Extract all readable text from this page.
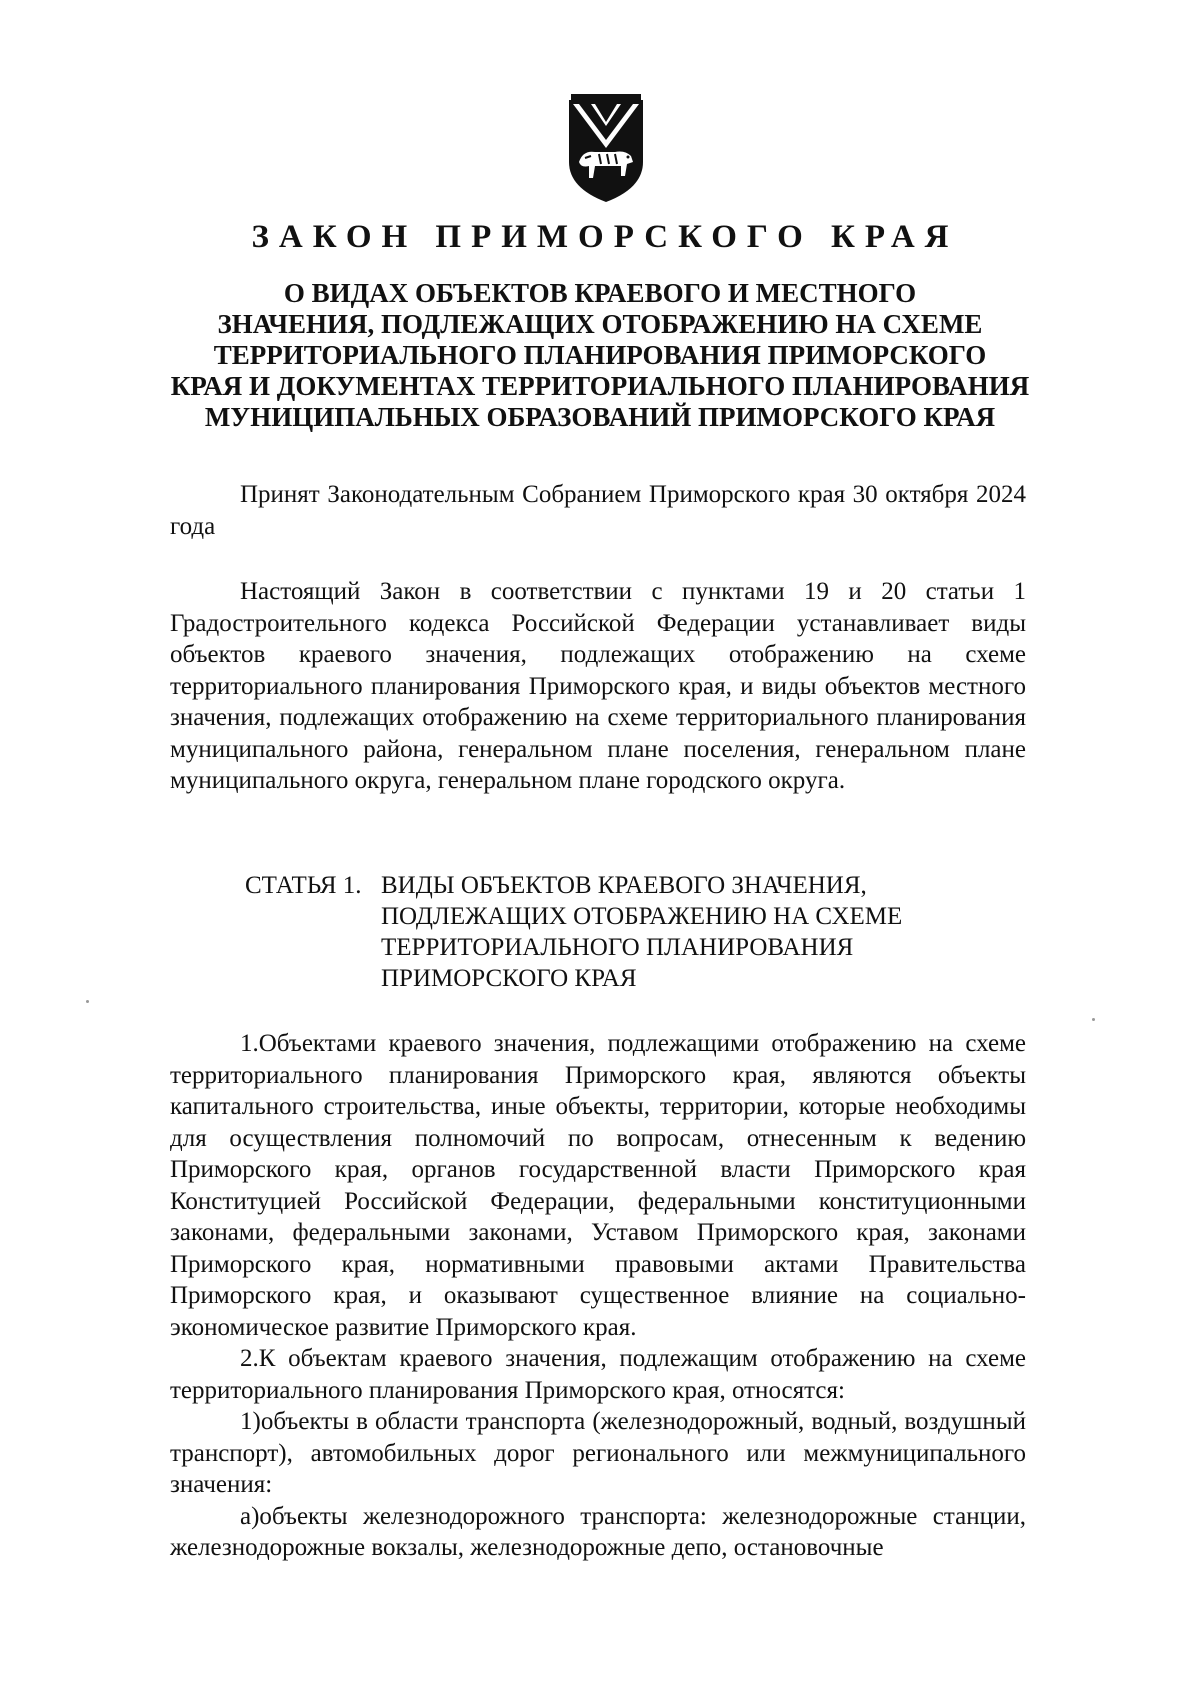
ЗАКОН ПРИМОРСКОГО КРАЯ
О ВИДАХ ОБЪЕКТОВ КРАЕВОГО И МЕСТНОГО
ЗНАЧЕНИЯ, ПОДЛЕЖАЩИХ ОТОБРАЖЕНИЮ НА СХЕМЕ
ТЕРРИТОРИАЛЬНОГО ПЛАНИРОВАНИЯ ПРИМОРСКОГО
КРАЯ И ДОКУМЕНТАХ ТЕРРИТОРИАЛЬНОГО ПЛАНИРОВАНИЯ
МУНИЦИПАЛЬНЫХ ОБРАЗОВАНИЙ ПРИМОРСКОГО КРАЯ

Принят Законодательным Собранием Приморского края 30 октября 2024 года

Настоящий Закон в соответствии с пунктами 19 и 20 статьи 1 Градостроительного кодекса Российской Федерации устанавливает виды объектов краевого значения, подлежащих отображению на схеме территориального планирования Приморского края, и виды объектов местного значения, подлежащих отображению на схеме территориального планирования муниципального района, генеральном плане поселения, генеральном плане муниципального округа, генеральном плане городского округа.

СТАТЬЯ 1. ВИДЫ ОБЪЕКТОВ КРАЕВОГО ЗНАЧЕНИЯ,
ПОДЛЕЖАЩИХ ОТОБРАЖЕНИЮ НА СХЕМЕ
ТЕРРИТОРИАЛЬНОГО ПЛАНИРОВАНИЯ
ПРИМОРСКОГО КРАЯ

1.Объектами краевого значения, подлежащими отображению на схеме территориального планирования Приморского края, являются объекты капитального строительства, иные объекты, территории, которые необходимы для осуществления полномочий по вопросам, отнесенным к ведению Приморского края, органов государственной власти Приморского края Конституцией Российской Федерации, федеральными конституционными законами, федеральными законами, Уставом Приморского края, законами Приморского края, нормативными правовыми актами Правительства Приморского края, и оказывают существенное влияние на социально-экономическое развитие Приморского края.

2.К объектам краевого значения, подлежащим отображению на схеме территориального планирования Приморского края, относятся:

1)объекты в области транспорта (железнодорожный, водный, воздушный транспорт), автомобильных дорог регионального или межмуниципального значения:

а)объекты железнодорожного транспорта: железнодорожные станции, железнодорожные вокзалы, железнодорожные депо, остановочные
